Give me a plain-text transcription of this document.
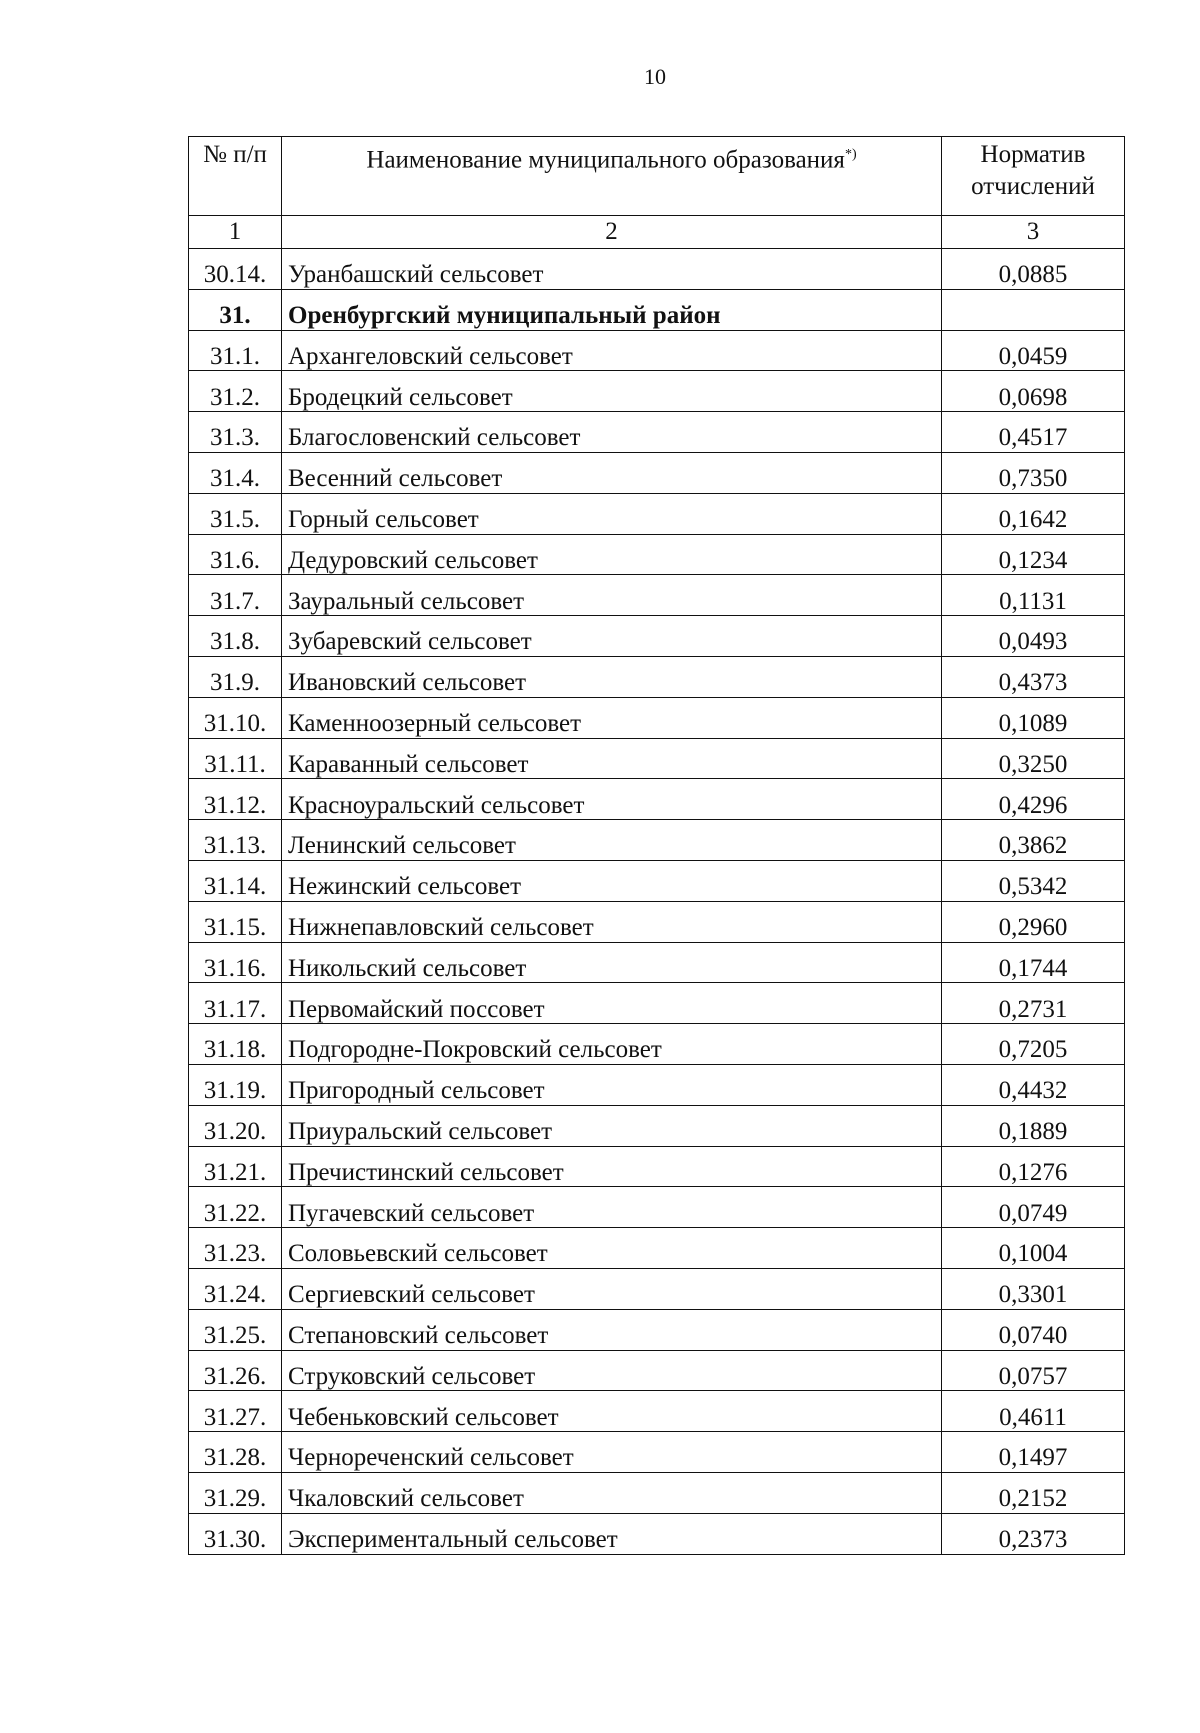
10
№ п/п	Наименование муниципального образования*)	Норматив отчислений
1	2	3
30.14.	Уранбашский сельсовет	0,0885
31.	Оренбургский муниципальный район	
31.1.	Архангеловский сельсовет	0,0459
31.2.	Бродецкий сельсовет	0,0698
31.3.	Благословенский сельсовет	0,4517
31.4.	Весенний сельсовет	0,7350
31.5.	Горный сельсовет	0,1642
31.6.	Дедуровский сельсовет	0,1234
31.7.	Зауральный сельсовет	0,1131
31.8.	Зубаревский сельсовет	0,0493
31.9.	Ивановский сельсовет	0,4373
31.10.	Каменноозерный сельсовет	0,1089
31.11.	Караванный сельсовет	0,3250
31.12.	Красноуральский сельсовет	0,4296
31.13.	Ленинский сельсовет	0,3862
31.14.	Нежинский сельсовет	0,5342
31.15.	Нижнепавловский сельсовет	0,2960
31.16.	Никольский сельсовет	0,1744
31.17.	Первомайский поссовет	0,2731
31.18.	Подгородне-Покровский сельсовет	0,7205
31.19.	Пригородный сельсовет	0,4432
31.20.	Приуральский сельсовет	0,1889
31.21.	Пречистинский сельсовет	0,1276
31.22.	Пугачевский сельсовет	0,0749
31.23.	Соловьевский сельсовет	0,1004
31.24.	Сергиевский сельсовет	0,3301
31.25.	Степановский сельсовет	0,0740
31.26.	Струковский сельсовет	0,0757
31.27.	Чебеньковский сельсовет	0,4611
31.28.	Чернореченский сельсовет	0,1497
31.29.	Чкаловский сельсовет	0,2152
31.30.	Экспериментальный сельсовет	0,2373
